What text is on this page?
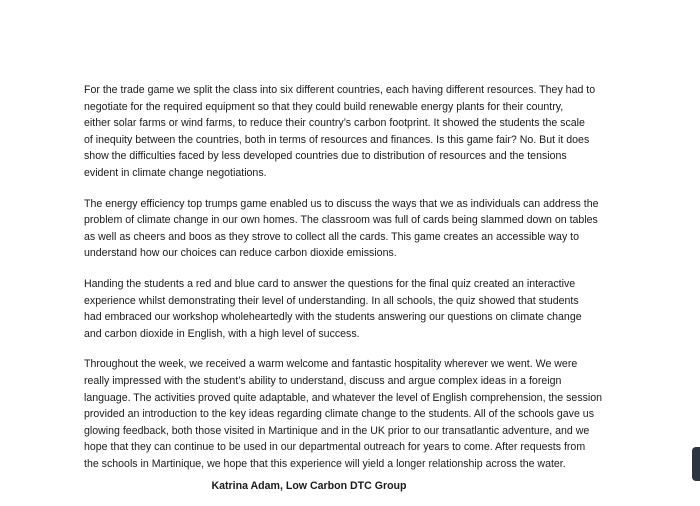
For the trade game we split the class into six different countries, each having different resources. They had to
negotiate for the required equipment so that they could build renewable energy plants for their country,
either solar farms or wind farms, to reduce their country’s carbon footprint. It showed the students the scale
of inequity between the countries, both in terms of resources and finances. Is this game fair? No. But it does
show the difficulties faced by less developed countries due to distribution of resources and the tensions
evident in climate change negotiations.

The energy efficiency top trumps game enabled us to discuss the ways that we as individuals can address the
problem of climate change in our own homes. The classroom was full of cards being slammed down on tables
as well as cheers and boos as they strove to collect all the cards. This game creates an accessible way to
understand how our choices can reduce carbon dioxide emissions.

Handing the students a red and blue card to answer the questions for the final quiz created an interactive
experience whilst demonstrating their level of understanding. In all schools, the quiz showed that students
had embraced our workshop wholeheartedly with the students answering our questions on climate change
and carbon dioxide in English, with a high level of success.

Throughout the week, we received a warm welcome and fantastic hospitality wherever we went. We were
really impressed with the student’s ability to understand, discuss and argue complex ideas in a foreign
language. The activities proved quite adaptable, and whatever the level of English comprehension, the session
provided an introduction to the key ideas regarding climate change to the students. All of the schools gave us
glowing feedback, both those visited in Martinique and in the UK prior to our transatlantic adventure, and we
hope that they can continue to be used in our departmental outreach for years to come. After requests from
the schools in Martinique, we hope that this experience will yield a longer relationship across the water.

Katrina Adam, Low Carbon DTC Group
